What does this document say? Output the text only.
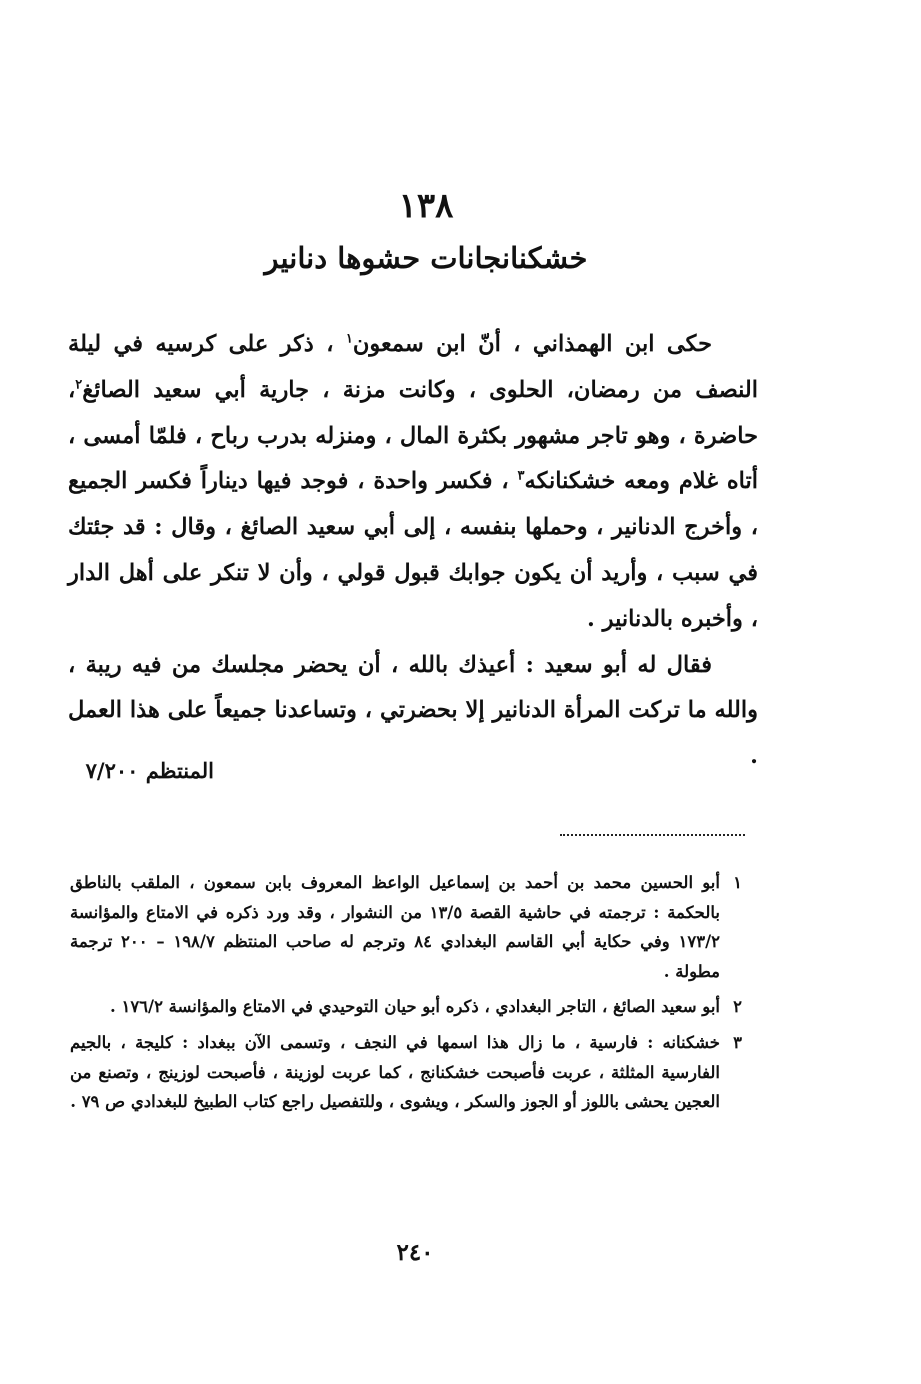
١٣٨
خشكنانجانات حشوها دنانير

حكى ابن الهمذاني ، أنّ ابن سمعون$^١$ ، ذكر على كرسيه في ليلة النصف من رمضان، الحلوى ، وكانت مزنة ، جارية أبي سعيد الصائغ$^٢$، حاضرة ، وهو تاجر مشهور بكثرة المال ، ومنزله بدرب رباح ، فلمّا أمسى ، أتاه غلام ومعه خشكنانكه$^٣$ ، فكسر واحدة ، فوجد فيها ديناراً فكسر الجميع ، وأخرج الدنانير ، وحملها بنفسه ، إلى أبي سعيد الصائغ ، وقال : قد جئتك في سبب ، وأريد أن يكون جوابك قبول قولي ، وأن لا تنكر على أهل الدار ، وأخبره بالدنانير .

فقال له أبو سعيد : أعيذك بالله ، أن يحضر مجلسك من فيه ريبة ، والله ما تركت المرأة الدنانير إلا بحضرتي ، وتساعدنا جميعاً على هذا العمل .

المنتظم ٧/٢٠٠
١
أبو الحسين محمد بن أحمد بن إسماعيل الواعظ المعروف بابن سمعون ، الملقب بالناطق بالحكمة : ترجمته في حاشية القصة ١٣/٥ من النشوار ، وقد ورد ذكره في الامتاع والمؤانسة ١٧٣/٢ وفي حكاية أبي القاسم البغدادي ٨٤ وترجم له صاحب المنتظم ١٩٨/٧ – ٢٠٠ ترجمة مطولة .
٢
أبو سعيد الصائغ ، التاجر البغدادي ، ذكره أبو حيان التوحيدي في الامتاع والمؤانسة ١٧٦/٢ .
٣
خشكنانه : فارسية ، ما زال هذا اسمها في النجف ، وتسمى الآن ببغداد : كليجة ، بالجيم الفارسية المثلثة ، عربت فأصبحت خشكنانج ، كما عربت لوزينة ، فأصبحت لوزينج ، وتصنع من العجين يحشى باللوز أو الجوز والسكر ، ويشوى ، وللتفصيل راجع كتاب الطبيخ للبغدادي ص ٧٩ .
٢٤٠
